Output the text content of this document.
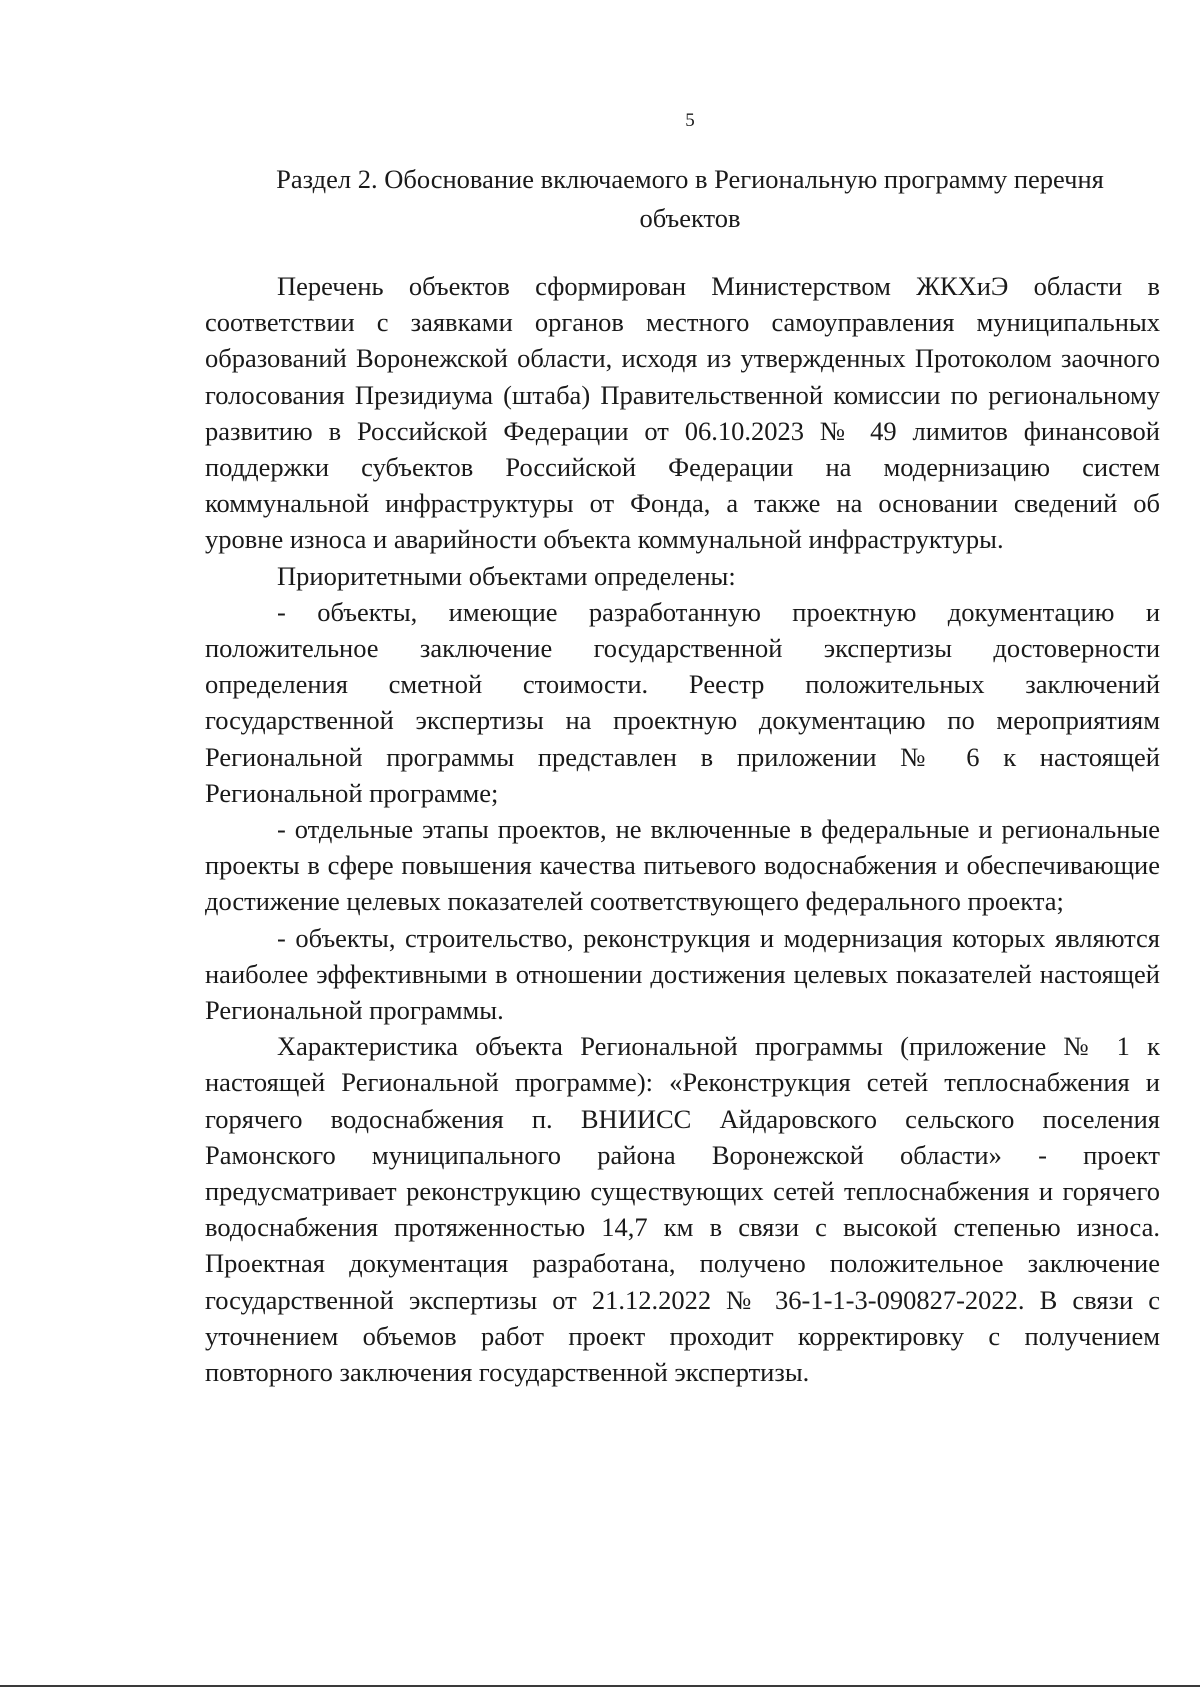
5
Раздел 2. Обоснование включаемого в Региональную программу перечня объектов

Перечень объектов сформирован Министерством ЖКХиЭ области в соответствии с заявками органов местного самоуправления муниципальных образований Воронежской области, исходя из утвержденных Протоколом заочного голосования Президиума (штаба) Правительственной комиссии по региональному развитию в Российской Федерации от 06.10.2023 № 49 лимитов финансовой поддержки субъектов Российской Федерации на модернизацию систем коммунальной инфраструктуры от Фонда, а также на основании сведений об уровне износа и аварийности объекта коммунальной инфраструктуры.

Приоритетными объектами определены:

- объекты, имеющие разработанную проектную документацию и положительное заключение государственной экспертизы достоверности определения сметной стоимости. Реестр положительных заключений государственной экспертизы на проектную документацию по мероприятиям Региональной программы представлен в приложении № 6 к настоящей Региональной программе;

- отдельные этапы проектов, не включенные в федеральные и региональные проекты в сфере повышения качества питьевого водоснабжения и обеспечивающие достижение целевых показателей соответствующего федерального проекта;

- объекты, строительство, реконструкция и модернизация которых являются наиболее эффективными в отношении достижения целевых показателей настоящей Региональной программы.

Характеристика объекта Региональной программы (приложение № 1 к настоящей Региональной программе): «Реконструкция сетей теплоснабжения и горячего водоснабжения п. ВНИИСС Айдаровского сельского поселения Рамонского муниципального района Воронежской области» - проект предусматривает реконструкцию существующих сетей теплоснабжения и горячего водоснабжения протяженностью 14,7 км в связи с высокой степенью износа. Проектная документация разработана, получено положительное заключение государственной экспертизы от 21.12.2022 № 36-1-1-3-090827-2022. В связи с уточнением объемов работ проект проходит корректировку с получением повторного заключения государственной экспертизы.
